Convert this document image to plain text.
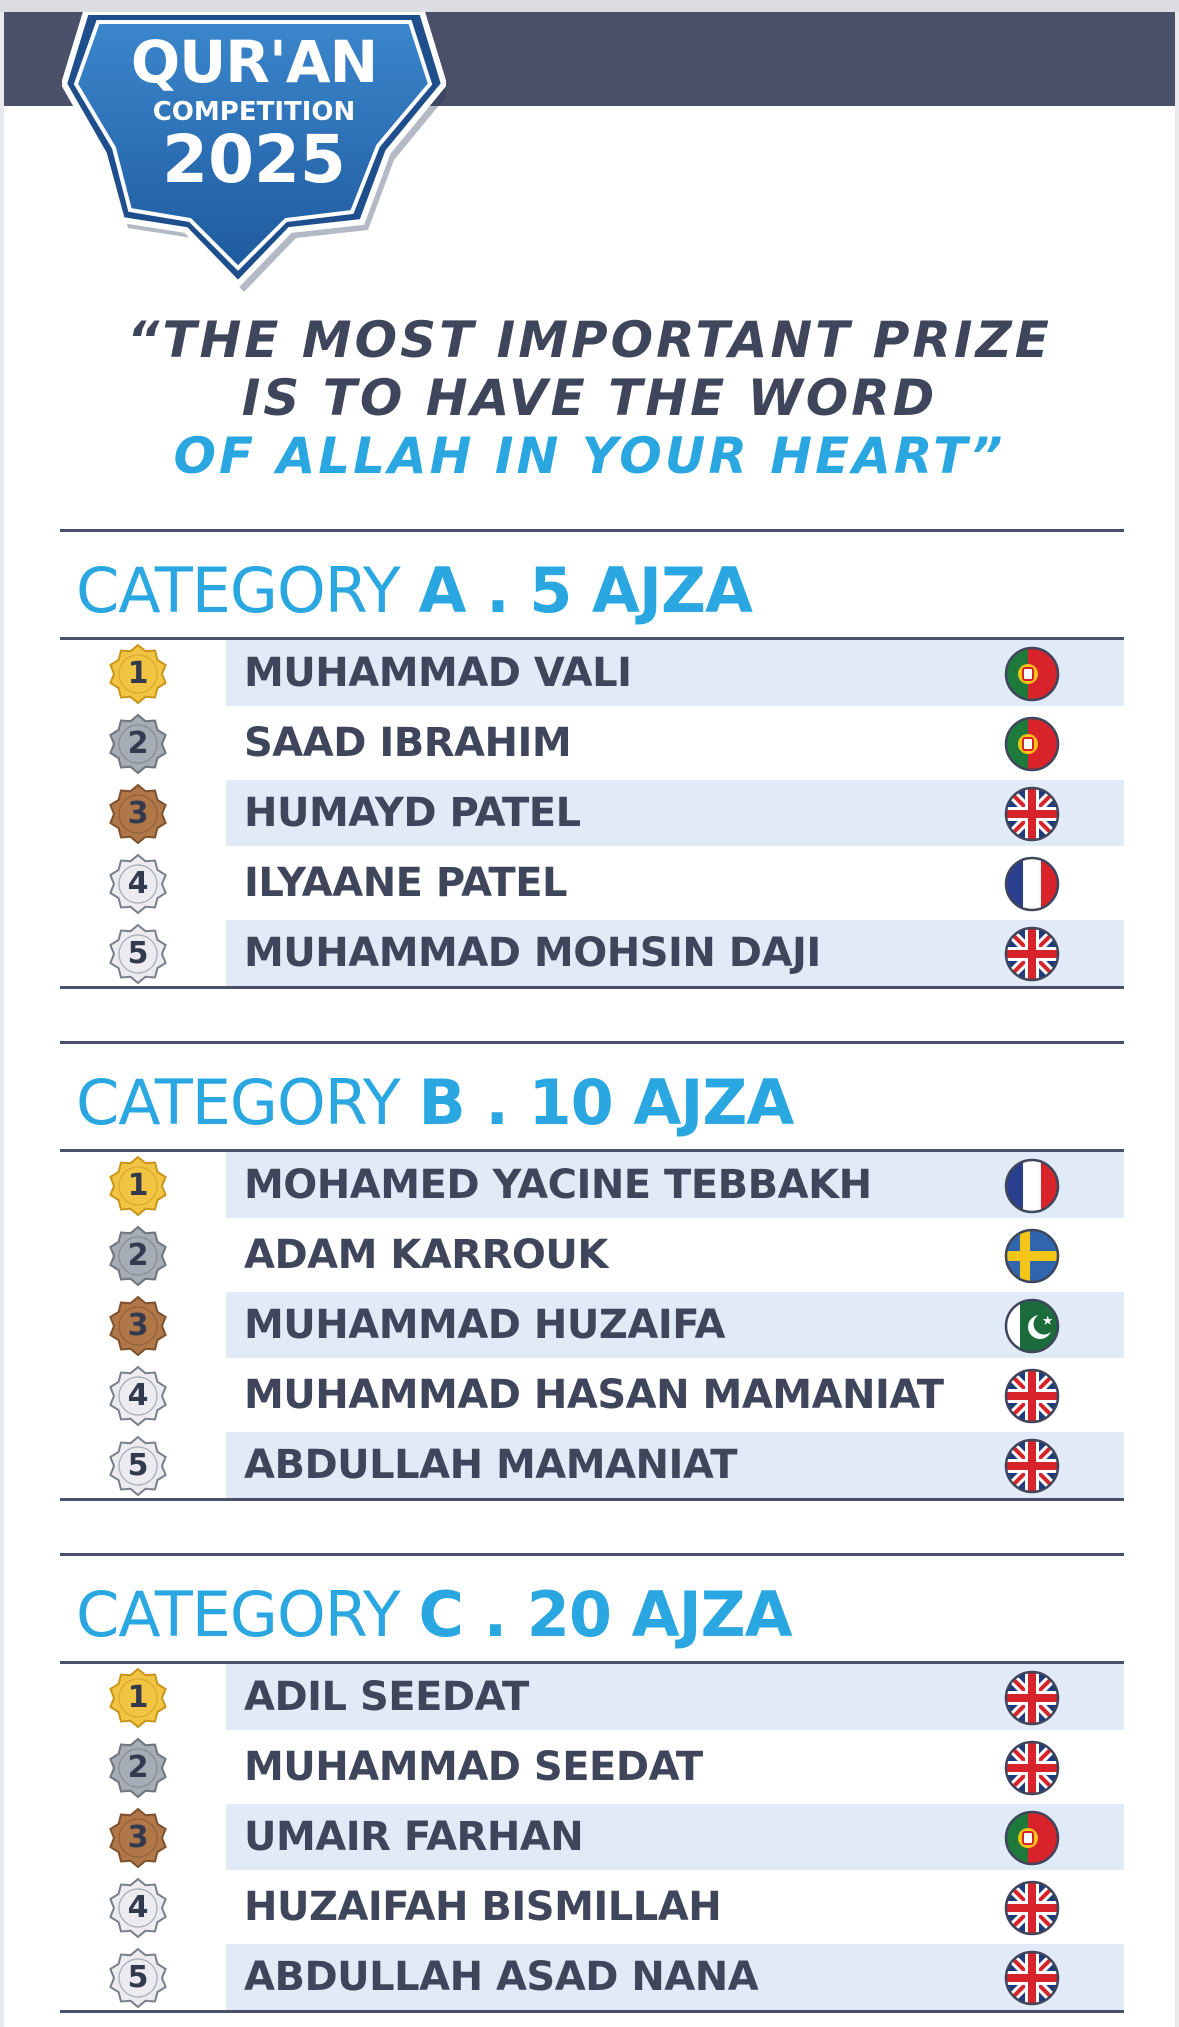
QUR'AN
COMPETITION
2025
“THE MOST IMPORTANT PRIZE
IS TO HAVE THE WORD
OF ALLAH IN YOUR HEART”
CATEGORY A . 5 AJZA
1	MUHAMMAD VALI
2	SAAD IBRAHIM
3	HUMAYD PATEL
4	ILYAANE PATEL
5	MUHAMMAD MOHSIN DAJI
CATEGORY B . 10 AJZA
1	MOHAMED YACINE TEBBAKH
2	ADAM KARROUK
3	MUHAMMAD HUZAIFA
4	MUHAMMAD HASAN MAMANIAT
5	ABDULLAH MAMANIAT
CATEGORY C . 20 AJZA
1	ADIL SEEDAT
2	MUHAMMAD SEEDAT
3	UMAIR FARHAN
4	HUZAIFAH BISMILLAH
5	ABDULLAH ASAD NANA
